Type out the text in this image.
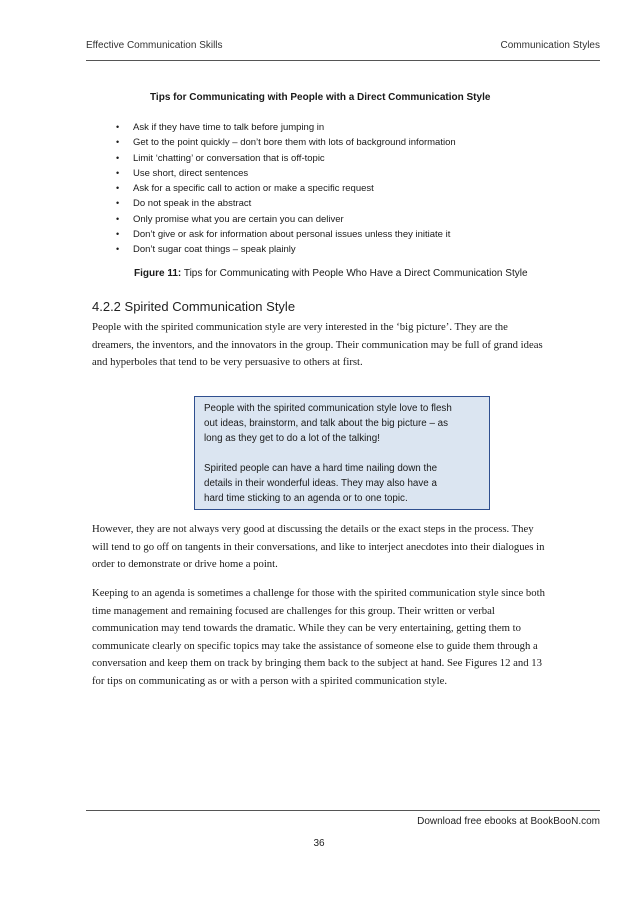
Effective Communication Skills	Communication Styles
Tips for Communicating with People with a Direct Communication Style
• Ask if they have time to talk before jumping in
• Get to the point quickly – don’t bore them with lots of background information
• Limit ‘chatting’ or conversation that is off-topic
• Use short, direct sentences
• Ask for a specific call to action or make a specific request
• Do not speak in the abstract
• Only promise what you are certain you can deliver
• Don’t give or ask for information about personal issues unless they initiate it
• Don’t sugar coat things – speak plainly
Figure 11: Tips for Communicating with People Who Have a Direct Communication Style
4.2.2 Spirited Communication Style

People with the spirited communication style are very interested in the ‘big picture’. They are the
dreamers, the inventors, and the innovators in the group. Their communication may be full of grand ideas
and hyperboles that tend to be very persuasive to others at first.

People with the spirited communication style love to flesh
out ideas, brainstorm, and talk about the big picture – as
long as they get to do a lot of the talking!

Spirited people can have a hard time nailing down the
details in their wonderful ideas. They may also have a
hard time sticking to an agenda or to one topic.

However, they are not always very good at discussing the details or the exact steps in the process. They
will tend to go off on tangents in their conversations, and like to interject anecdotes into their dialogues in
order to demonstrate or drive home a point.

Keeping to an agenda is sometimes a challenge for those with the spirited communication style since both
time management and remaining focused are challenges for this group. Their written or verbal
communication may tend towards the dramatic. While they can be very entertaining, getting them to
communicate clearly on specific topics may take the assistance of someone else to guide them through a
conversation and keep them on track by bringing them back to the subject at hand. See Figures 12 and 13
for tips on communicating as or with a person with a spirited communication style.

Download free ebooks at BookBooN.com
36
